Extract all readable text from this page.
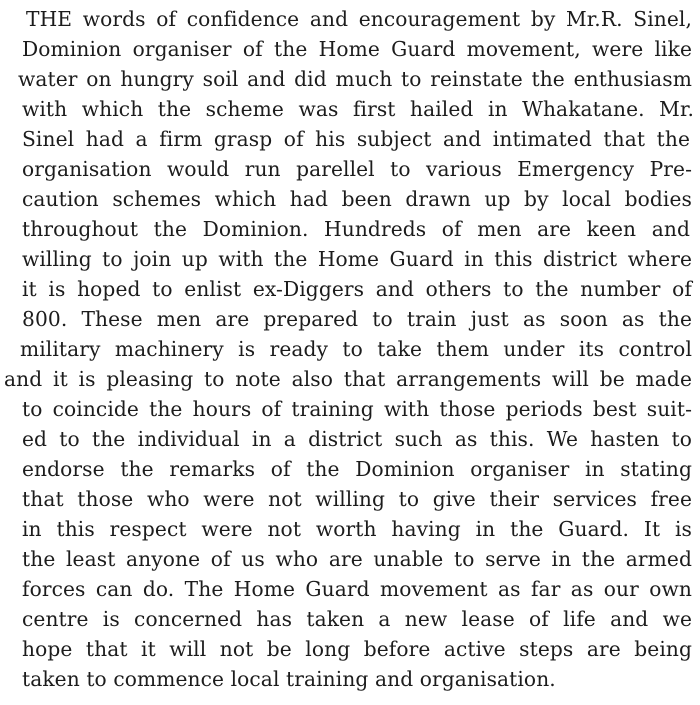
THE words of confidence and encouragement by Mr.R. Sinel,
Dominion organiser of the Home Guard movement, were like
water on hungry soil and did much to reinstate the enthusiasm
with which the scheme was first hailed in Whakatane. Mr.
Sinel had a firm grasp of his subject and intimated that the
organisation would run parellel to various Emergency Pre-
caution schemes which had been drawn up by local bodies
throughout the Dominion. Hundreds of men are keen and
willing to join up with the Home Guard in this district where
it is hoped to enlist ex-Diggers and others to the number of
800. These men are prepared to train just as soon as the
military machinery is ready to take them under its control
and it is pleasing to note also that arrangements will be made
to coincide the hours of training with those periods best suit-
ed to the individual in a district such as this. We hasten to
endorse the remarks of the Dominion organiser in stating
that those who were not willing to give their services free
in this respect were not worth having in the Guard. It is
the least anyone of us who are unable to serve in the armed
forces can do. The Home Guard movement as far as our own
centre is concerned has taken a new lease of life and we
hope that it will not be long before active steps are being
taken to commence local training and organisation.
